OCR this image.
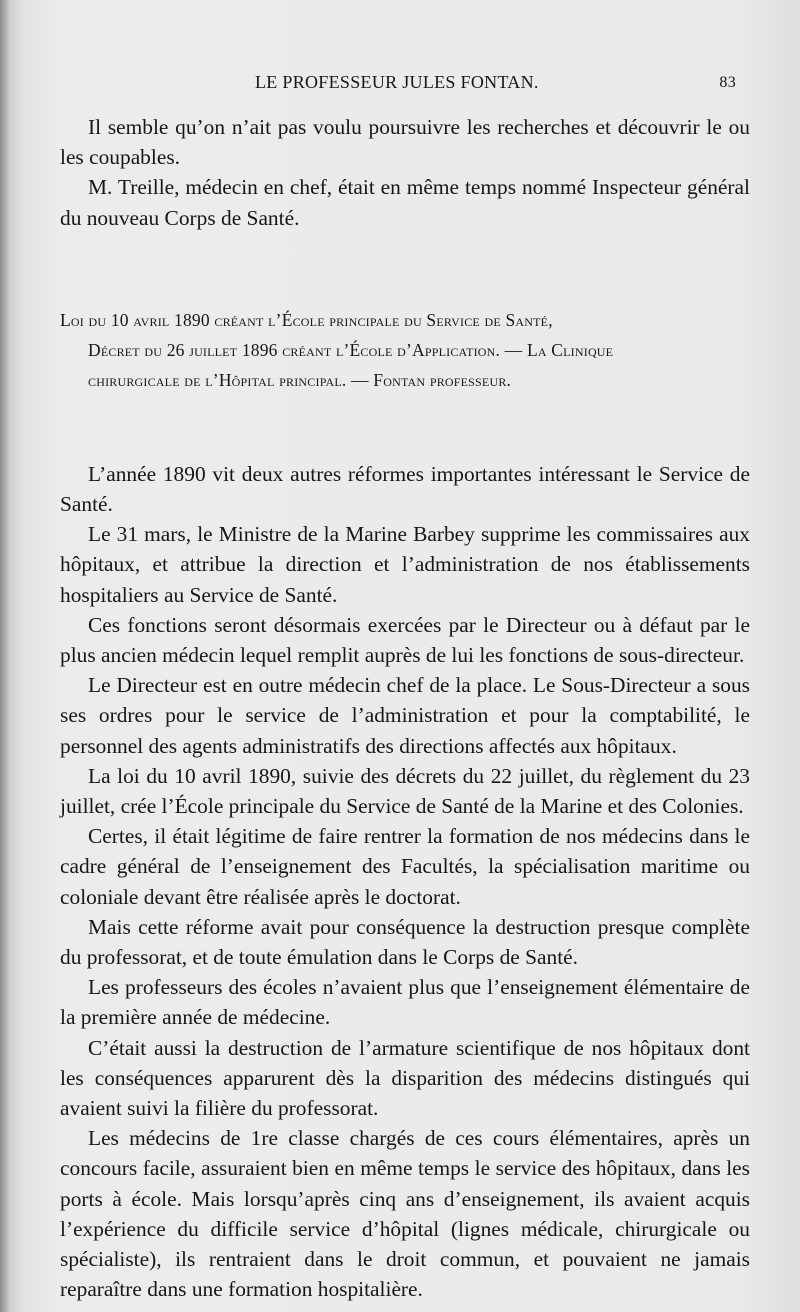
LE PROFESSEUR JULES FONTAN.	83

Il semble qu’on n’ait pas voulu poursuivre les recherches et découvrir le ou les coupables.

M. Treille, médecin en chef, était en même temps nommé Inspecteur général du nouveau Corps de Santé.

Loi du 10 avril 1890 créant l’École principale du Service de Santé,
Décret du 26 juillet 1896 créant l’École d’Application. — La Clinique
chirurgicale de l’Hôpital principal. — Fontan professeur.

L’année 1890 vit deux autres réformes importantes intéressant le Service de Santé.

Le 31 mars, le Ministre de la Marine Barbey supprime les commissaires aux hôpitaux, et attribue la direction et l’administration de nos établissements hospitaliers au Service de Santé.

Ces fonctions seront désormais exercées par le Directeur ou à défaut par le plus ancien médecin lequel remplit auprès de lui les fonctions de sous-directeur.

Le Directeur est en outre médecin chef de la place. Le Sous-Directeur a sous ses ordres pour le service de l’administration et pour la comptabilité, le personnel des agents administratifs des directions affectés aux hôpitaux.

La loi du 10 avril 1890, suivie des décrets du 22 juillet, du règlement du 23 juillet, crée l’École principale du Service de Santé de la Marine et des Colonies.

Certes, il était légitime de faire rentrer la formation de nos médecins dans le cadre général de l’enseignement des Facultés, la spécialisation maritime ou coloniale devant être réalisée après le doctorat.

Mais cette réforme avait pour conséquence la destruction presque complète du professorat, et de toute émulation dans le Corps de Santé.

Les professeurs des écoles n’avaient plus que l’enseignement élémentaire de la première année de médecine.

C’était aussi la destruction de l’armature scientifique de nos hôpitaux dont les conséquences apparurent dès la disparition des médecins distingués qui avaient suivi la filière du professorat.

Les médecins de 1re classe chargés de ces cours élémentaires, après un concours facile, assuraient bien en même temps le service des hôpitaux, dans les ports à école. Mais lorsqu’après cinq ans d’enseignement, ils avaient acquis l’expérience du difficile service d’hôpital (lignes médicale, chirurgicale ou spécialiste), ils rentraient dans le droit commun, et pouvaient ne jamais reparaître dans une formation hospitalière.
